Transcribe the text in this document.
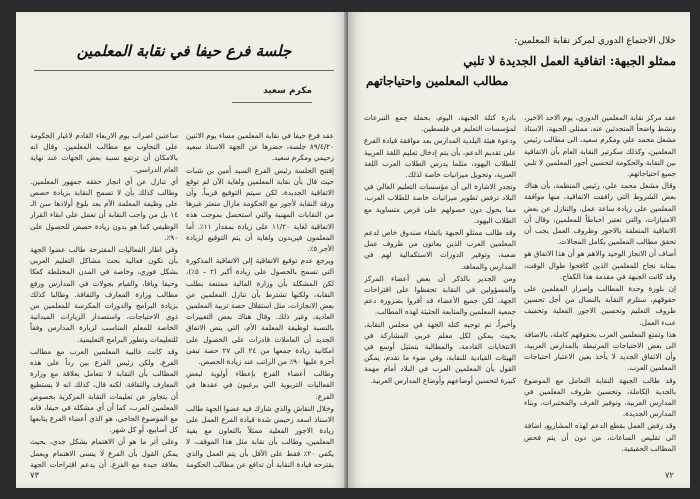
جلسة فرع حيفا في نقابة المعلمين
مكرم سعيد

عقد فرع حيفا في نقابة المعلمين مساء يوم الاثنين ٨٩/٤/٢٠ جلسة، حضرها عن الجهة الاستاذ سعيد زحيمي ومكرم سعيد.

إفتتح الجلسة رئيس الفرع السيد أمين بن شبات حيث قال بأن نقابة المعلمين ولغاية الآن لم توقع الاتفاقية الجديدة، لكن سيتم التوقيع قريباً. وأن ورقة النقابة لأجور مع الحكومة مازال متعثر غيرها من النقابات المهنية والتي استحصل بموجب هذه الاتفاقية لغاية ١١/٢٠ على زيادة بمقدار ١١٪. أما المعلمون فيريدون ولغاية أن يتم التوقيع لزيادة الأجر ٥٪.

ويرجع عدم توقيع الاتفاقية إلى الاتفاقية المذكورة التي تسمح بالحصول على زيادة أكبر (٢ – ٥٪)، لكن المشكلة بأن وزارة المالية ممتنعة بطلب النقابة، ولكنها تشترط بأن تنازل المعلمين عن بعض الانجازات، مثل استقلال حصة تربية المعلمين العادية، وغير ذلك. وقال هناك بعض التغييرات بالنسبة لوظيفة المعلمة الأم، التي ينص الاتفاق الجديد أن العاملات قادرات على الحصول على امكانية زيادة جمعها من ٢٤ الى ٢٧ حصة تبقى أجرة عليها ٩٠٪ من الراتب عند زيادة الحصص.

وطالب أعضاء الفرع بإعطاء أولوية لبعض الفعاليات التربوية التي يرغبون في عقدها في الفرع.

وخلال النقاش والذي شارك فيه عضوا الجهة طالب الاستاذ اسعد زحيمي شدة قيادة الفرع العمل على زيادة الاجور الفعلية ممثلاً بالتعاون مع بقية المعلمين، وطالب بأن نقابة مثل هذا الموقف، لا يكفي ٢٠٪ فقط على الأقل بأن يتم العمل والذي يقترحه قيادة النقابة أن تدافع عن مطالب الحكومة

ساعتين اضراب يوم الاربعاء القادم لاغيار الحكومة على التجاوب مع مطالب المعلمين. وقال انه بالامكان أن ترتفع نسبة بعض الجهات عند نهاية العام الدراسي.

أي تنازل عن أي انجاز حققه جمهور المعلمين. وطالب كذلك بأن لا تسمح النقابة بزيادة حصص على وظيفة المعلمة الأم بعد بلوغ أولادها سن الـ ١٤ بل من واجب النقابة أن تعمل على ابقاء القرار الوظيفي كما هو بدون زيادة حصص للحصول على ٩٠٪.

وفي اطار الفعاليات المقترحة طالب عضوا الجهة بأن تكون فعالية بحث مشاكل التعليم العربي بشكل فوري، وخاصة في المدن المختلطة كعكا وحيفا ويافا، والقيام بجولات في المدارس ورفع مطالب وزارة المعارف والثقافة. وطالبا كذلك بزيادة البرامج والدورات المكرسة للمعلمين من ذوي الاحتياجات، واستصدار الزيارات الميدانية الخاصة للمعلم المناسب لزيارة المدارس وفقاً للتعليمات وتطور البرامج التعليمية.

وقد كانت غالبية المعلمين العرب مع مطالب الفرع، ولكن رئيس الفرع بين رداً على هذه المطالب بأن النقابة لا تتعامل بعلاقة مع وزارة المعارف والثقافة. لكنه قال، كذلك انه لا يستطيع أن يتجاوز عن تعليمات النقابة المركزية بخصوص المعلمين العرب، كما أن أي مشكلة في حيفا، فانه مع الموضوع الحاجي، هو الذي أعضاء الفرع يتابعها كل أسابيع، أو كل شهر.

وعلى أثر ما هو أن الاهتمام بشكل جدي، بحيث يمكن القول بأن الفرع لا ينسى الاهتمام ويعمل بعلاقة جيدة مع الفرع. أن يدعم اقتراحات الجهة

٧٣
خلال الاجتماع الدوري لمركز نقابة المعلمين:
ممثلو الجبهة: اتفاقية العمل الجديدة لا تلبي
مطالب المعلمين واحتياجاتهم

عقد مركز نقابة المعلمين الدوري، يوم الاحد الاخير، ونشط واضحاً المتحدثين عنه، ممثلي الجبهة، الاستاذ مشعل محمد علي ومكرم سعيد، الى مطالب رئيس المعلمين، وكذلك سكرتير النقابة العام بأن الاتفاقية بين النقابة والحكومة لتحسين أجور المعلمين لا تلبي جميع احتياجاتهم.

وقال مشعل محمد علي، رئيس المنظمة، بأن هناك بعض الشروط التي رافقت الاتفاقية، منها موافقة المعلمين على زيادة ساعة عمل، والتنازل عن بعض الامتيازات، والتي تعتبر احباطاً للمعلمين، وقال أن الاتفاقية المتعلقة بالاجور وظروف العمل يجب أن تحقق مطالب المعلمين بكامل المجالات.

أضاف أن الانجاز الوحيد والاهم هو أن هذا الاتفاق هو بمثابة نجاح للمعلمين الذين كافحوا طوال الوقت، وقد كانت الجبهة في مقدمة هذا الكفاح.

إن بلورة وحدة المطالب وإصرار المعلمين على حقوقهم، ستلزم النقابة بالنضال من أجل تحسين ظروف التعليم وتحسين الاجور الفعلية وتخفيف عبء العمل.

هذا وتمتع المعلمين العرب بحقوقهم كاملة، بالاضافة الى بعض الاحتياجات المرتبطة بالمدارس العربية، وأن الاتفاق الجديد لا يأخذ بعين الاعتبار احتياجات المعلمين العرب.

وقد طالب الجبهة النقابة التعامل مع الموضوع بالجدية الكاملة، وتحسين ظروف المعلمين في المدارس العربية، وتوفير الغرف والمختبرات، وبناء المدارس الجديدة.

وقد رفض العمل بقطع الدعم لهذه المشاريع، اضافة الى تقليص الساعات، من دون أن يتم فحص المطالب الحقيقية.

بادرة كتلة الجبهة، اليوم، بحملة جمع التبرعات لمؤسسات التعليم في فلسطين.

ودعوة هيئة البلدية المدارس بعد موافقة قيادة الفرع على تقديم الدعم، بأن يتم إدخال تعليم اللغة العربية للطلاب اليهود، مثلما يدرس الطلاب العرب اللغة العبرية، وتحويل ميزانيات خاصة لذلك.

وتجدر الاشارة الى أن مؤسسات التعليم العالي في البلاد ترفض تطوير ميزانيات خاصة للطلاب العرب، مما يحول دون حصولهم على فرص متساوية مع الطلاب اليهود.

وقد طالب ممثلو الجبهة بانشاء صندوق خاص لدعم المعلمين العرب الذين يعانون من ظروف عمل صعبة، وتوفير الدورات الاستكمالية لهم في المدارس والمعاهد.

ومن الجدير بالذكر أن بعض أعضاء المركز والمسؤولين في النقابة تحفظوا على اقتراحات الجهة، لكن جميع الأعضاء قد أقروا بضرورة دعم جمعية المعلمين والمتابعة الحثيثة لهذه المطالب.

وأخيراً، تم توجيه كتلة الجهة في مجلس النقابة، بحيث يمكن لكل معلم عربي المشاركة في الانتخابات القادمة، والمطالبة بتمثيل أوسع في الهيئات القيادية للنقابة، وفي ضوء ما تقدم، يمكن القول بأن المعلمين العرب في البلاد أمام مهمة كبيرة لتحسين أوضاعهم وأوضاع المدارس العربية.

٧٢
